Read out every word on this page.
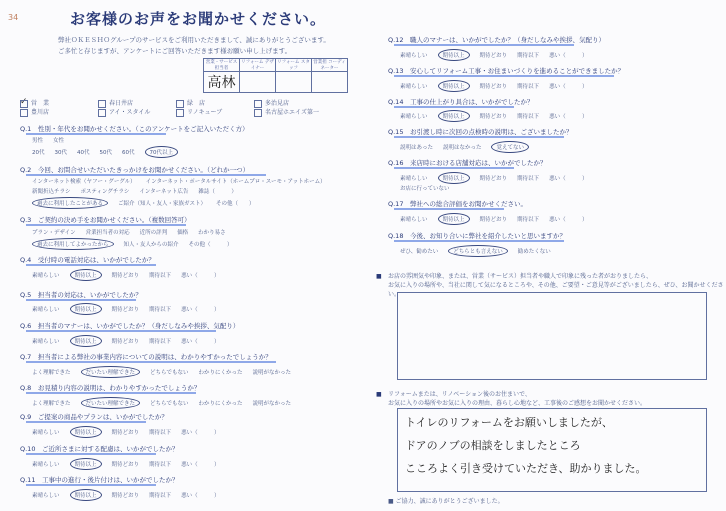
34	お客様のお声をお聞かせください。
弊社ＯＫＥＳＨＯグループのサービスをご利用いただきまして、誠にありがとうございます。
ご多忙と存じますが、アンケートにご回答いただきます様お願い申し上げます。
営業・サービス担当者	リフォーム デザイナー	リフォーム スタッフ	営業担 コーディネーター
高林			
✓ 営　業	春日井店	緑　店	多治見店
豊川店	アイ・スタイル	リノキューブ	名古屋ホエイズ第一
Q.1　性別・年代をお聞かせください。（このアンケートをご記入いただく方）
男性 女性
20代 30代 40代 50代 60代	70代以上
Q.2　今回、お問合せいただいたきっかけをお聞かせください。（どれか一つ）
インターネット検索（ヤフー・グーグル） インターネット・ポータルサイト（ホームプロ・スーモ・アットホーム）
新聞折込チラシ ポスティングチラシ インターネット広告 雑誌（　　　）
過去に利用したことがある	ご紹介（知人・友人・家族ガスト） その他（　　）
Q.3　ご契約の決め手をお聞かせください。（複数回答可）
プラン・デザイン 営業担当者の対応 近所の評判 価格 わかり易さ
過去に利用してよかったから	知人・友人からの紹介 その他（　　　）
Q.4　受付時の電話対応は、いかがでしたか？
素晴らしい	期待以上	期待どおり 期待以下 悪い（　　　）
Q.5　担当者の対応は、いかがでしたか？
素晴らしい	期待以上	期待どおり 期待以下 悪い（　　　）
Q.6　担当者のマナーは、いかがでしたか？（身だしなみや挨拶、気配り）
素晴らしい	期待以上	期待どおり 期待以下 悪い（　　　）
Q.7　担当者による弊社の事業内容についての説明は、わかりやすかったでしょうか？
よく理解できた	だいたい理解できた	どちらでもない わかりにくかった 説明がなかった
Q.8　お見積り内容の説明は、わかりやすかったでしょうか？
よく理解できた	だいたい理解できた	どちらでもない わかりにくかった 説明がなかった
Q.9　ご提案の商品やプランは、いかがでしたか？
素晴らしい	期待以上	期待どおり 期待以下 悪い（　　　）
Q.10　ご近所さまに対する配慮は、いかがでしたか？
素晴らしい	期待以上	期待どおり 期待以下 悪い（　　　）
Q.11　工事中の進行・後片付けは、いかがでしたか？
素晴らしい	期待以上	期待どおり 期待以下 悪い（　　　）
Q.12　職人のマナーは、いかがでしたか？（身だしなみや挨拶、気配り）
素晴らしい	期待以上	期待どおり 期待以下 悪い（　　　）
Q.13　安心してリフォーム工事・お住まいづくりを進めることができましたか？
素晴らしい	期待以上	期待どおり 期待以下 悪い（　　　）
Q.14　工事の仕上がり具合は、いかがでしたか？
素晴らしい	期待以上	期待どおり 期待以下 悪い（　　　）
Q.15　お引渡し時に次回の点検時の説明は、ございましたか？
説明はあった 説明はなかった	覚えてない
Q.16　来店時における店舗対応は、いかがでしたか？
素晴らしい	期待以上	期待どおり 期待以下 悪い（　　　）
お店に行っていない
Q.17　弊社への総合評価をお聞かせください。
素晴らしい	期待以上	期待どおり 期待以下 悪い（　　　）
Q.18　今後、お知り合いに弊社を紹介したいと思いますか？
ぜひ、勧めたい	どちらとも言えない	勧めたくない
■ お店の雰囲気や印象、または、営業（サービス）担当者や職人で印象に残った者がおりましたら、
お気に入りの場所や、当社に関して気になるところや、その他、ご要望・ご意見等がございましたら、ぜひ、お聞かせください。
■ リフォームまたは、リノベーション後のお住まいで、
お気に入りの場所やお気に入りの理由、暮らし心地など、工事後のご感想をお聞かせください。
トイレのリフォームをお願いしましたが、
ドアのノブの相談をしましたところ
こころよく引き受けていただき、助かりました。
■ ご協力、誠にありがとうございました。
